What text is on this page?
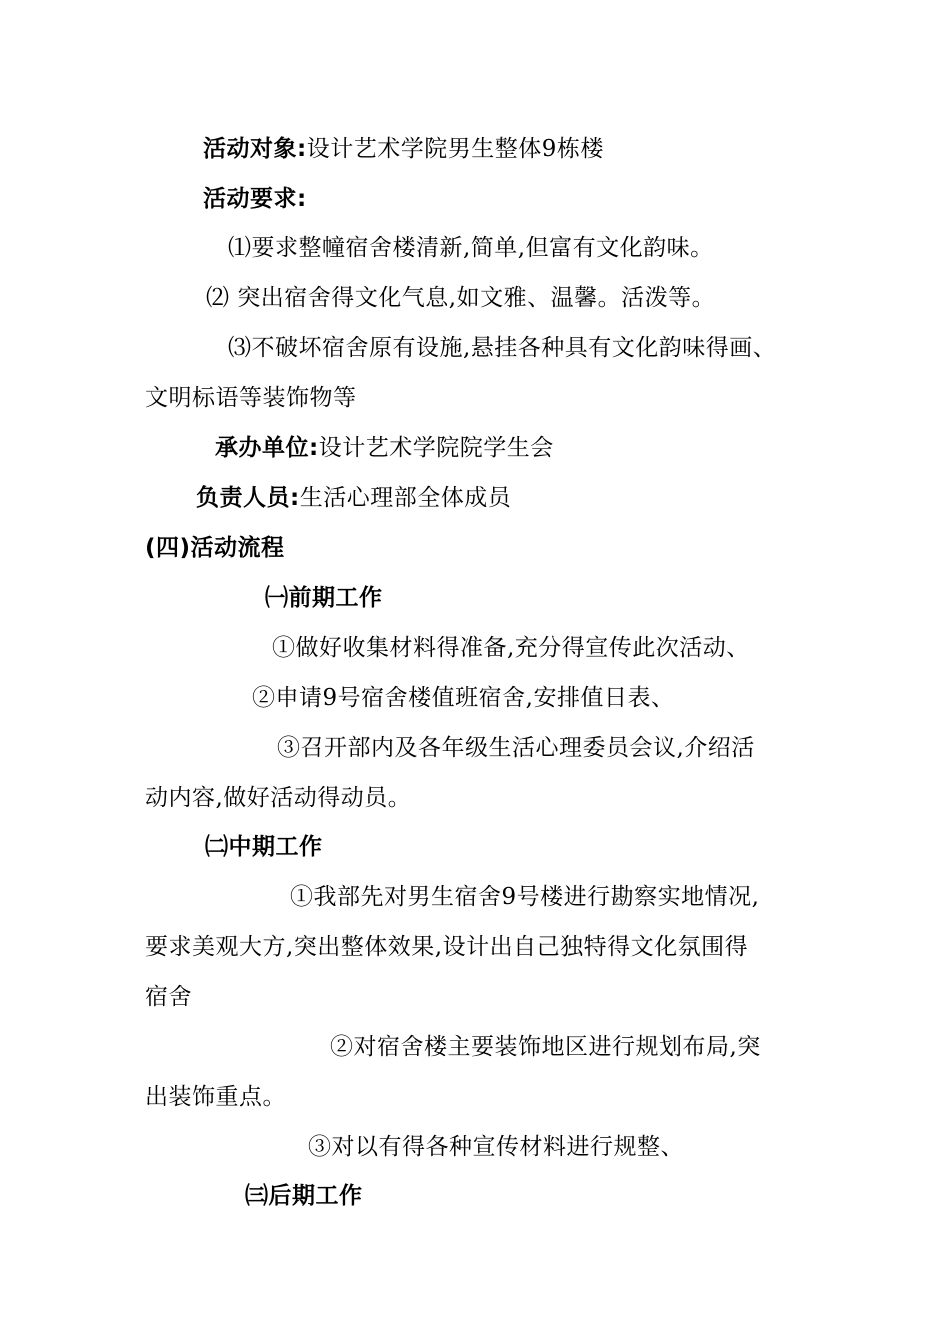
活动对象:设计艺术学院男生整体9栋楼
活动要求:
⑴要求整幢宿舍楼清新,简单,但富有文化韵味。
⑵ 突出宿舍得文化气息,如文雅、温馨。活泼等。
⑶不破坏宿舍原有设施,悬挂各种具有文化韵味得画、
文明标语等装饰物等
承办单位:设计艺术学院院学生会
负责人员:生活心理部全体成员
(四)活动流程
㈠前期工作
①做好收集材料得准备,充分得宣传此次活动、
②申请9号宿舍楼值班宿舍,安排值日表、
③召开部内及各年级生活心理委员会议,介绍活
动内容,做好活动得动员。
㈡中期工作
①我部先对男生宿舍9号楼进行勘察实地情况,
要求美观大方,突出整体效果,设计出自己独特得文化氛围得
宿舍
②对宿舍楼主要装饰地区进行规划布局,突
出装饰重点。
③对以有得各种宣传材料进行规整、
㈢后期工作
